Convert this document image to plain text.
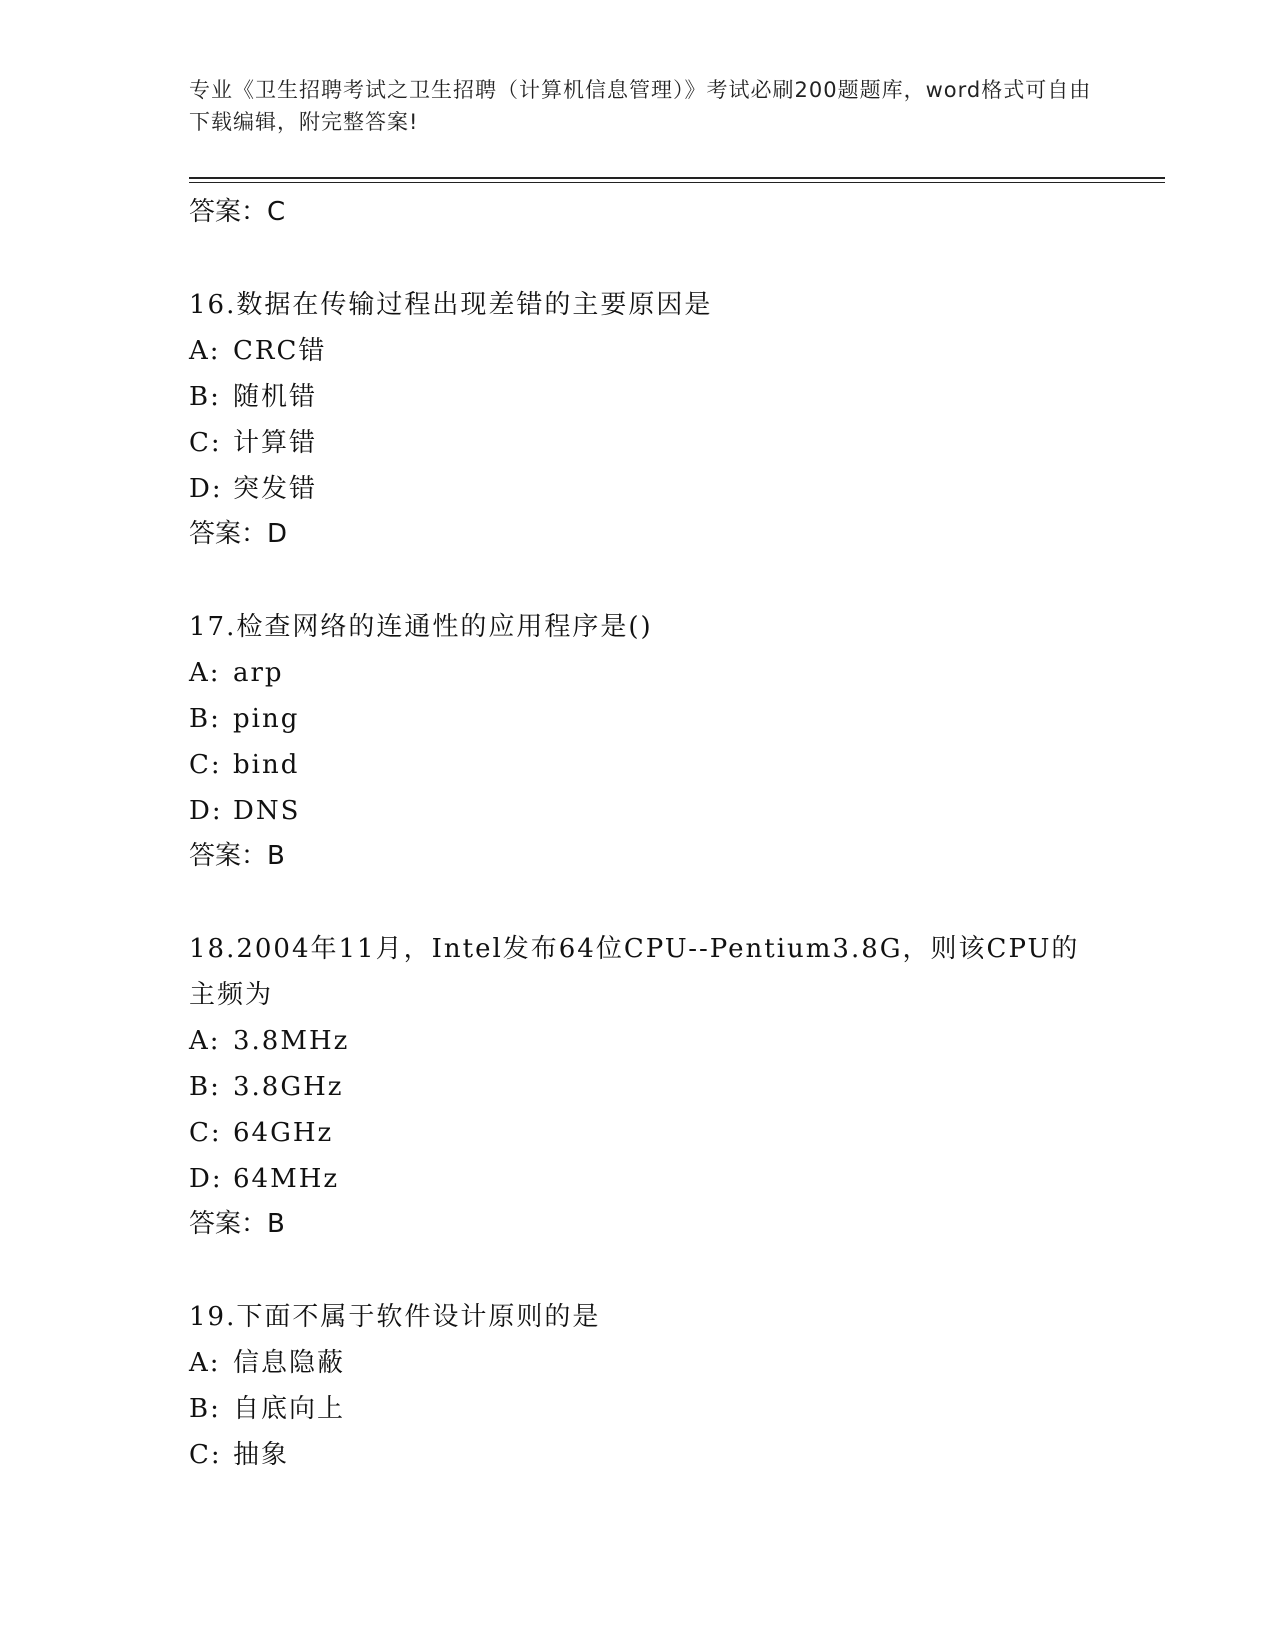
专业《卫生招聘考试之卫生招聘（计算机信息管理）》考试必刷200题题库，word格式可自由下载编辑，附完整答案!
答案：C
16.数据在传输过程出现差错的主要原因是
A: CRC错
B: 随机错
C: 计算错
D: 突发错
答案：D
17.检查网络的连通性的应用程序是()
A: arp
B: ping
C: bind
D: DNS
答案：B
18.2004年11月，Intel发布64位CPU--Pentium3.8G，则该CPU的主频为
A: 3.8MHz
B: 3.8GHz
C: 64GHz
D: 64MHz
答案：B
19.下面不属于软件设计原则的是
A: 信息隐蔽
B: 自底向上
C: 抽象
